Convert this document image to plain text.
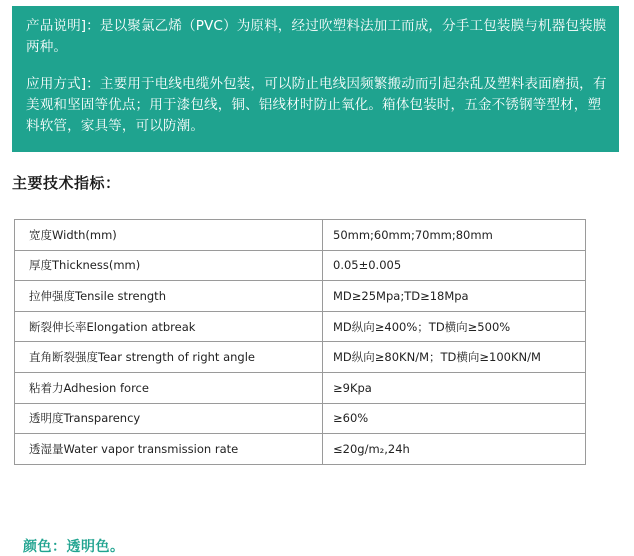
产品说明]：是以聚氯乙烯（PVC）为原料，经过吹塑料法加工而成，分手工包装膜与机器包装膜两种。

应用方式]：主要用于电线电缆外包装，可以防止电线因频繁搬动而引起杂乱及塑料表面磨损，有美观和坚固等优点；用于漆包线，铜、铝线材时防止氧化。箱体包装时，五金不锈钢等型材，塑料软管，家具等，可以防潮。

主要技术指标：
宽度Width(mm)	50mm;60mm;70mm;80mm
厚度Thickness(mm)	0.05±0.005
拉伸强度Tensile strength	MD≥25Mpa;TD≥18Mpa
断裂伸长率Elongation atbreak	MD纵向≥400%；TD横向≥500%
直角断裂强度Tear strength of right angle	MD纵向≥80KN/M；TD横向≥100KN/M
粘着力Adhesion force	≥9Kpa
透明度Transparency	≥60%
透湿量Water vapor transmission rate	≤20g/m₂,24h

颜色：透明色。
